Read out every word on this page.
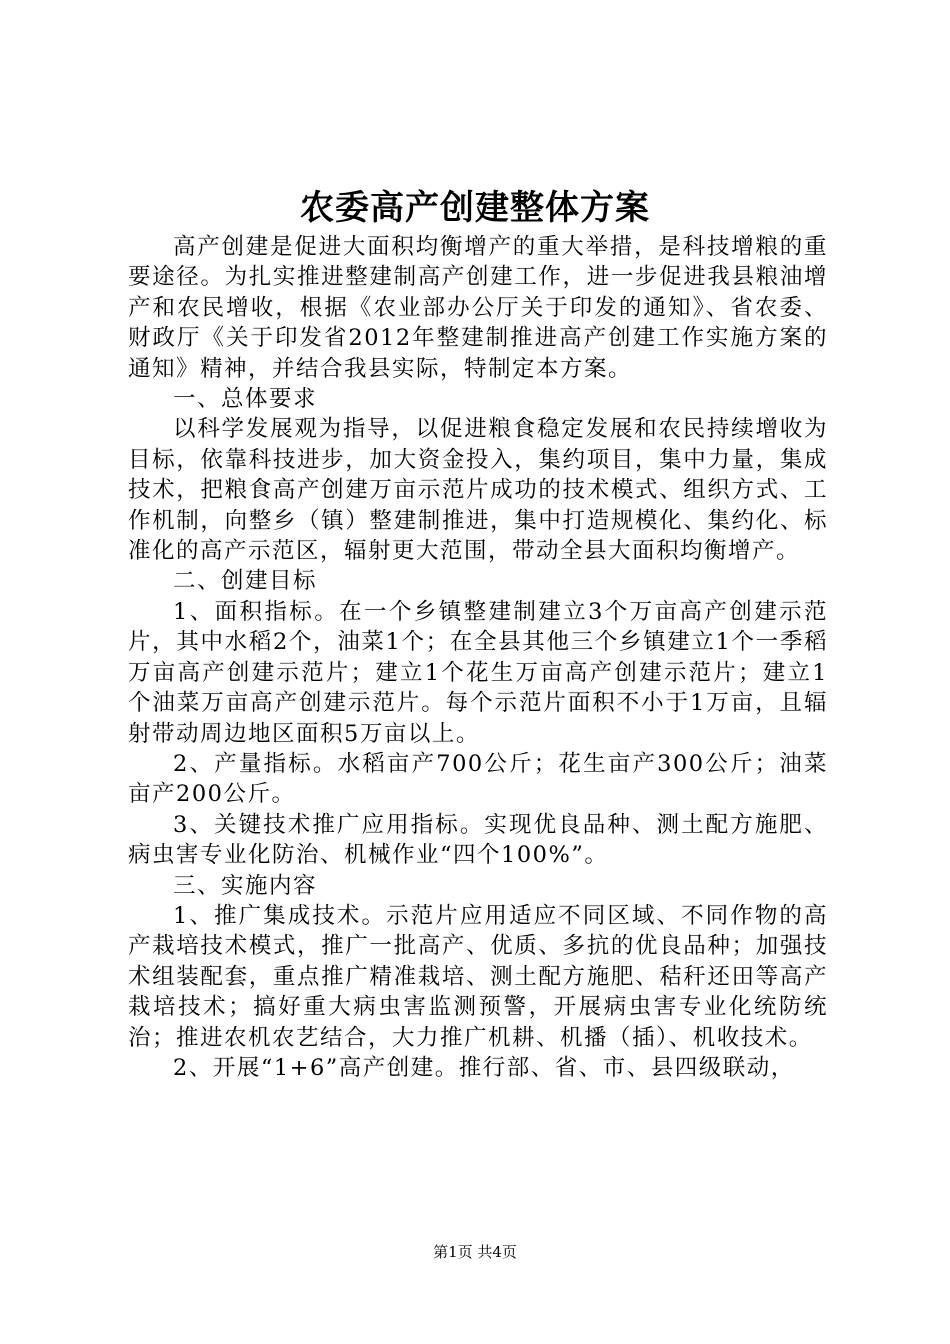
农委高产创建整体方案

高产创建是促进大面积均衡增产的重大举措，是科技增粮的重要途径。为扎实推进整建制高产创建工作，进一步促进我县粮油增产和农民增收，根据《农业部办公厅关于印发的通知》、省农委、财政厅《关于印发省2012年整建制推进高产创建工作实施方案的通知》精神，并结合我县实际，特制定本方案。

一、总体要求

以科学发展观为指导，以促进粮食稳定发展和农民持续增收为目标，依靠科技进步，加大资金投入，集约项目，集中力量，集成技术，把粮食高产创建万亩示范片成功的技术模式、组织方式、工作机制，向整乡（镇）整建制推进，集中打造规模化、集约化、标准化的高产示范区，辐射更大范围，带动全县大面积均衡增产。

二、创建目标

1、面积指标。在一个乡镇整建制建立3个万亩高产创建示范片，其中水稻2个，油菜1个；在全县其他三个乡镇建立1个一季稻万亩高产创建示范片；建立1个花生万亩高产创建示范片；建立1个油菜万亩高产创建示范片。每个示范片面积不小于1万亩，且辐射带动周边地区面积5万亩以上。

2、产量指标。水稻亩产700公斤；花生亩产300公斤；油菜亩产200公斤。

3、关键技术推广应用指标。实现优良品种、测土配方施肥、病虫害专业化防治、机械作业“四个100%”。

三、实施内容

1、推广集成技术。示范片应用适应不同区域、不同作物的高产栽培技术模式，推广一批高产、优质、多抗的优良品种；加强技术组装配套，重点推广精准栽培、测土配方施肥、秸秆还田等高产栽培技术；搞好重大病虫害监测预警，开展病虫害专业化统防统治；推进农机农艺结合，大力推广机耕、机播（插）、机收技术。

2、开展“1+6”高产创建。推行部、省、市、县四级联动，

第1页 共4页
